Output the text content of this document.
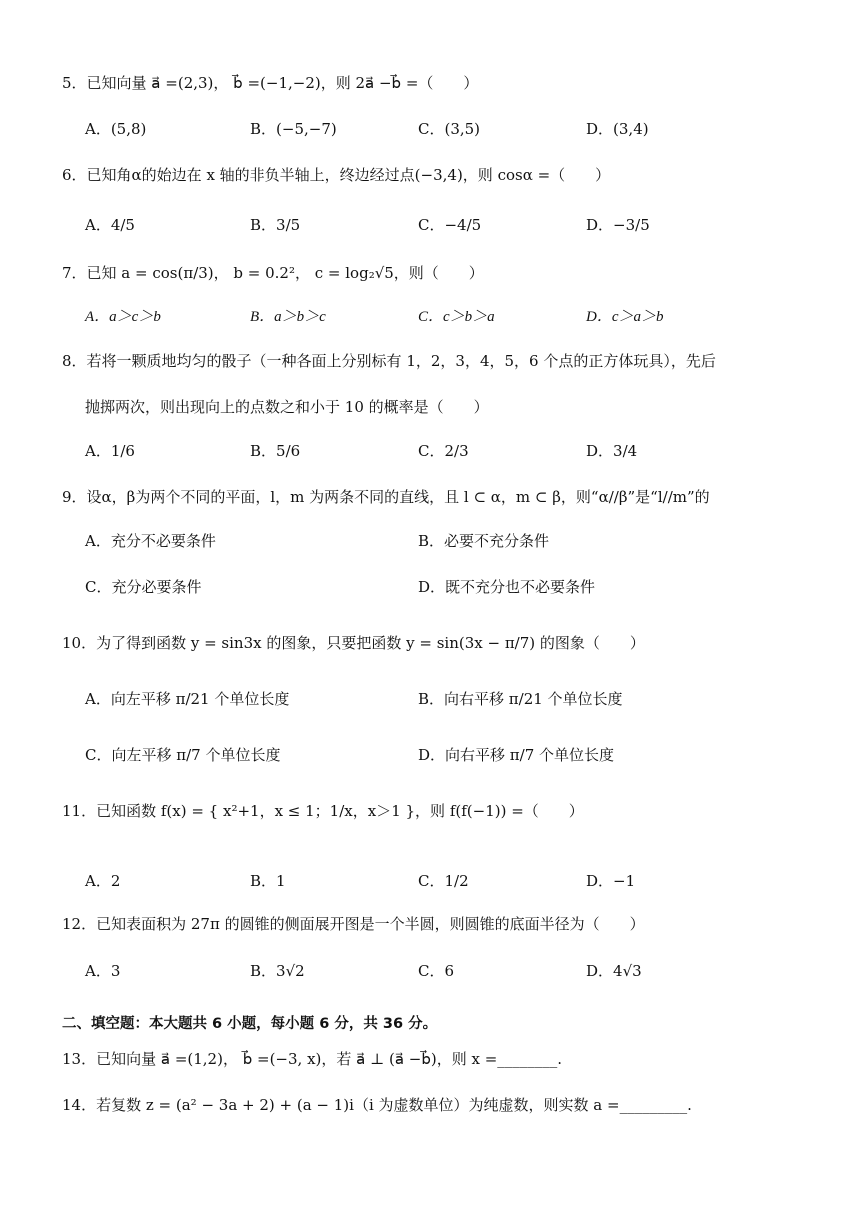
5．已知向量 a⃗ =(2,3)， b⃗ =(−1,−2)，则 2a⃗ −b⃗ =（　　）
A．(5,8)	B．(−5,−7)	C．(3,5)	D．(3,4)
6．已知角α的始边在 x 轴的非负半轴上，终边经过点(−3,4)，则 cosα =（　　）
A．4/5	B．3/5	C．−4/5	D．−3/5
7．已知 a = cos(π/3)， b = 0.2²， c = log₂√5，则（　　）
A．a＞c＞b	B．a＞b＞c	C．c＞b＞a	D．c＞a＞b
8．若将一颗质地均匀的骰子（一种各面上分别标有 1，2，3，4，5，6 个点的正方体玩具），先后
抛掷两次，则出现向上的点数之和小于 10 的概率是（　　）
A．1/6	B．5/6	C．2/3	D．3/4
9．设α，β为两个不同的平面，l，m 为两条不同的直线，且 l ⊂ α，m ⊂ β，则“α//β”是“l//m”的
A．充分不必要条件	B．必要不充分条件
C．充分必要条件	D．既不充分也不必要条件
10．为了得到函数 y = sin3x 的图象，只要把函数 y = sin(3x − π/7) 的图象（　　）
A．向左平移 π/21 个单位长度	B．向右平移 π/21 个单位长度
C．向左平移 π/7 个单位长度	D．向右平移 π/7 个单位长度
11．已知函数 f(x) = { x²+1，x ≤ 1；1/x，x＞1 }，则 f(f(−1)) =（　　）
A．2	B．1	C．1/2	D．−1
12．已知表面积为 27π 的圆锥的侧面展开图是一个半圆，则圆锥的底面半径为（　　）
A．3	B．3√2	C．6	D．4√3
二、填空题：本大题共 6 小题，每小题 6 分，共 36 分。
13．已知向量 a⃗ =(1,2)， b⃗ =(−3, x)，若 a⃗ ⊥ (a⃗ −b⃗)，则 x =________.
14．若复数 z = (a² − 3a + 2) + (a − 1)i（i 为虚数单位）为纯虚数，则实数 a =_________.
